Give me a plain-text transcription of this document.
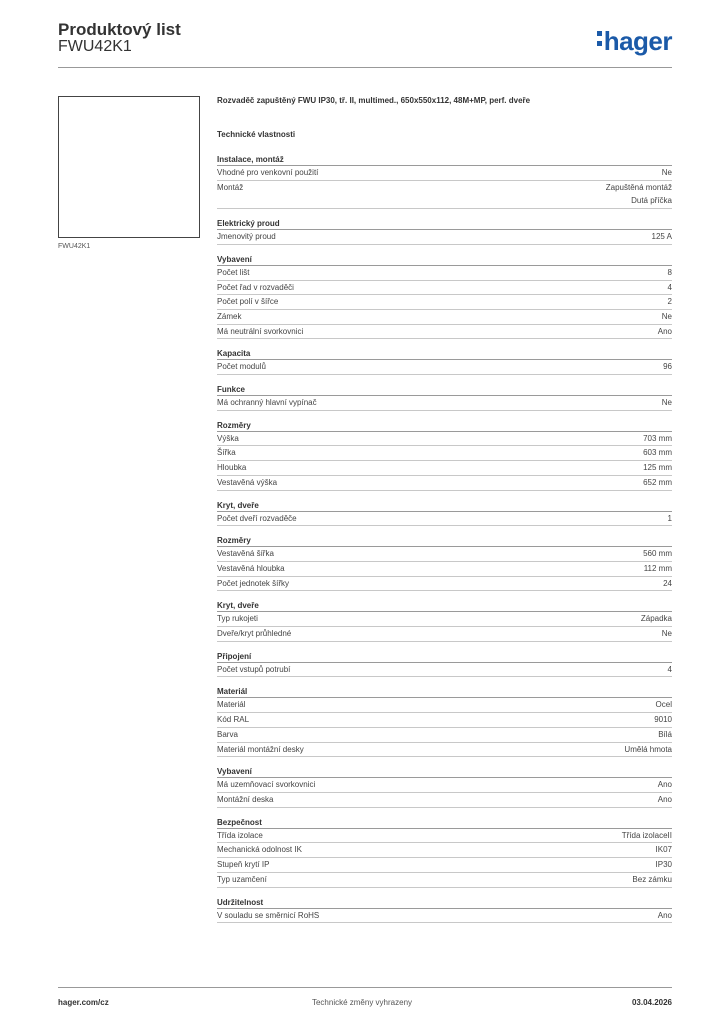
Produktový list
FWU42K1	hager
FWU42K1
Rozvaděč zapuštěný FWU IP30, tř. II, multimed., 650x550x112, 48M+MP, perf. dveře
Technické vlastnosti
Instalace, montáž
Vhodné pro venkovní použití	Ne
Montáž	Zapuštěná montáž
Dutá příčka
Elektrický proud
Jmenovitý proud	125 A
Vybavení
Počet lišt	8
Počet řad v rozvaděči	4
Počet polí v šířce	2
Zámek	Ne
Má neutrální svorkovnici	Ano
Kapacita
Počet modulů	96
Funkce
Má ochranný hlavní vypínač	Ne
Rozměry
Výška	703 mm
Šířka	603 mm
Hloubka	125 mm
Vestavěná výška	652 mm
Kryt, dveře
Počet dveří rozvaděče	1
Rozměry
Vestavěná šířka	560 mm
Vestavěná hloubka	112 mm
Počet jednotek šířky	24
Kryt, dveře
Typ rukojeti	Západka
Dveře/kryt průhledné	Ne
Připojení
Počet vstupů potrubí	4
Materiál
Materiál	Ocel
Kód RAL	9010
Barva	Bílá
Materiál montážní desky	Umělá hmota
Vybavení
Má uzemňovací svorkovnici	Ano
Montážní deska	Ano
Bezpečnost
Třída izolace	Třída izolaceII
Mechanická odolnost IK	IK07
Stupeň krytí IP	IP30
Typ uzamčení	Bez zámku
Udržitelnost
V souladu se směrnicí RoHS	Ano
hager.com/cz	Technické změny vyhrazeny	03.04.2026
